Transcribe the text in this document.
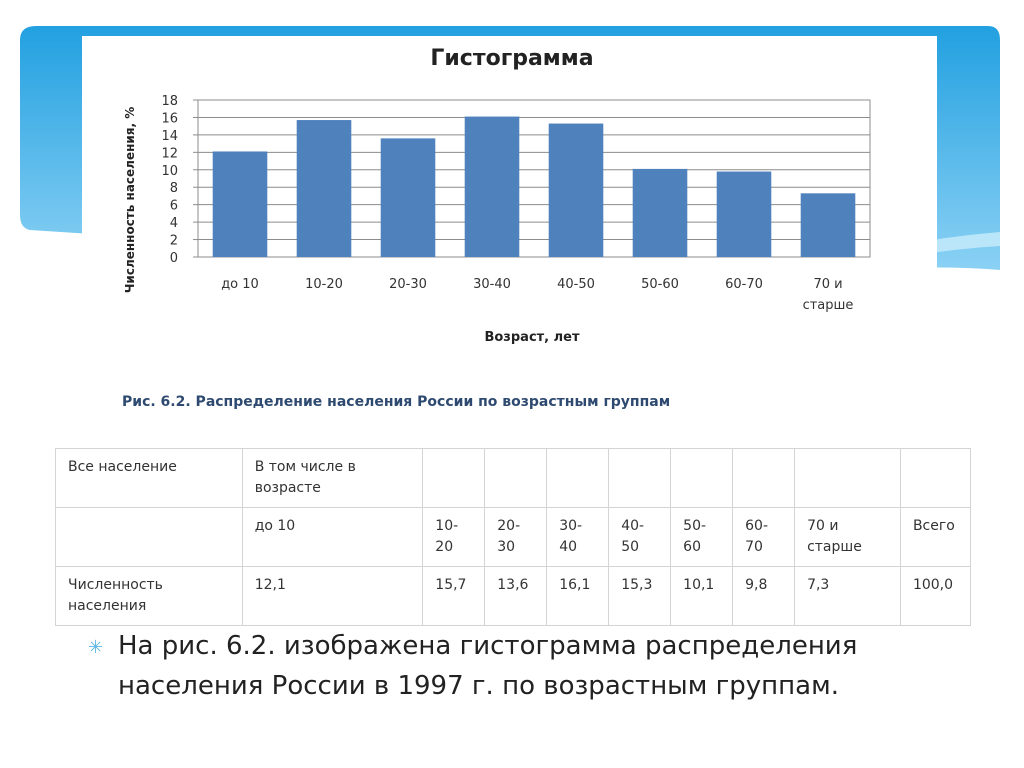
Гистограмма
0
2
4
6
8
10
12
14
16
18
до 10	10-20	20-30	30-40	40-50	50-60	60-70	70 и
старше
Возраст, лет
Численность населения, %
Рис. 6.2. Распределение населения России по возрастным группам
Все население	В том числе в возрасте								
	до 10	10-20	20-30	30-40	40-50	50-60	60-70	70 и старше	Всего
Численность населения	12,1	15,7	13,6	16,1	15,3	10,1	9,8	7,3	100,0
✳ На рис. 6.2. изображена гистограмма распределения населения России в 1997 г. по возрастным группам.
